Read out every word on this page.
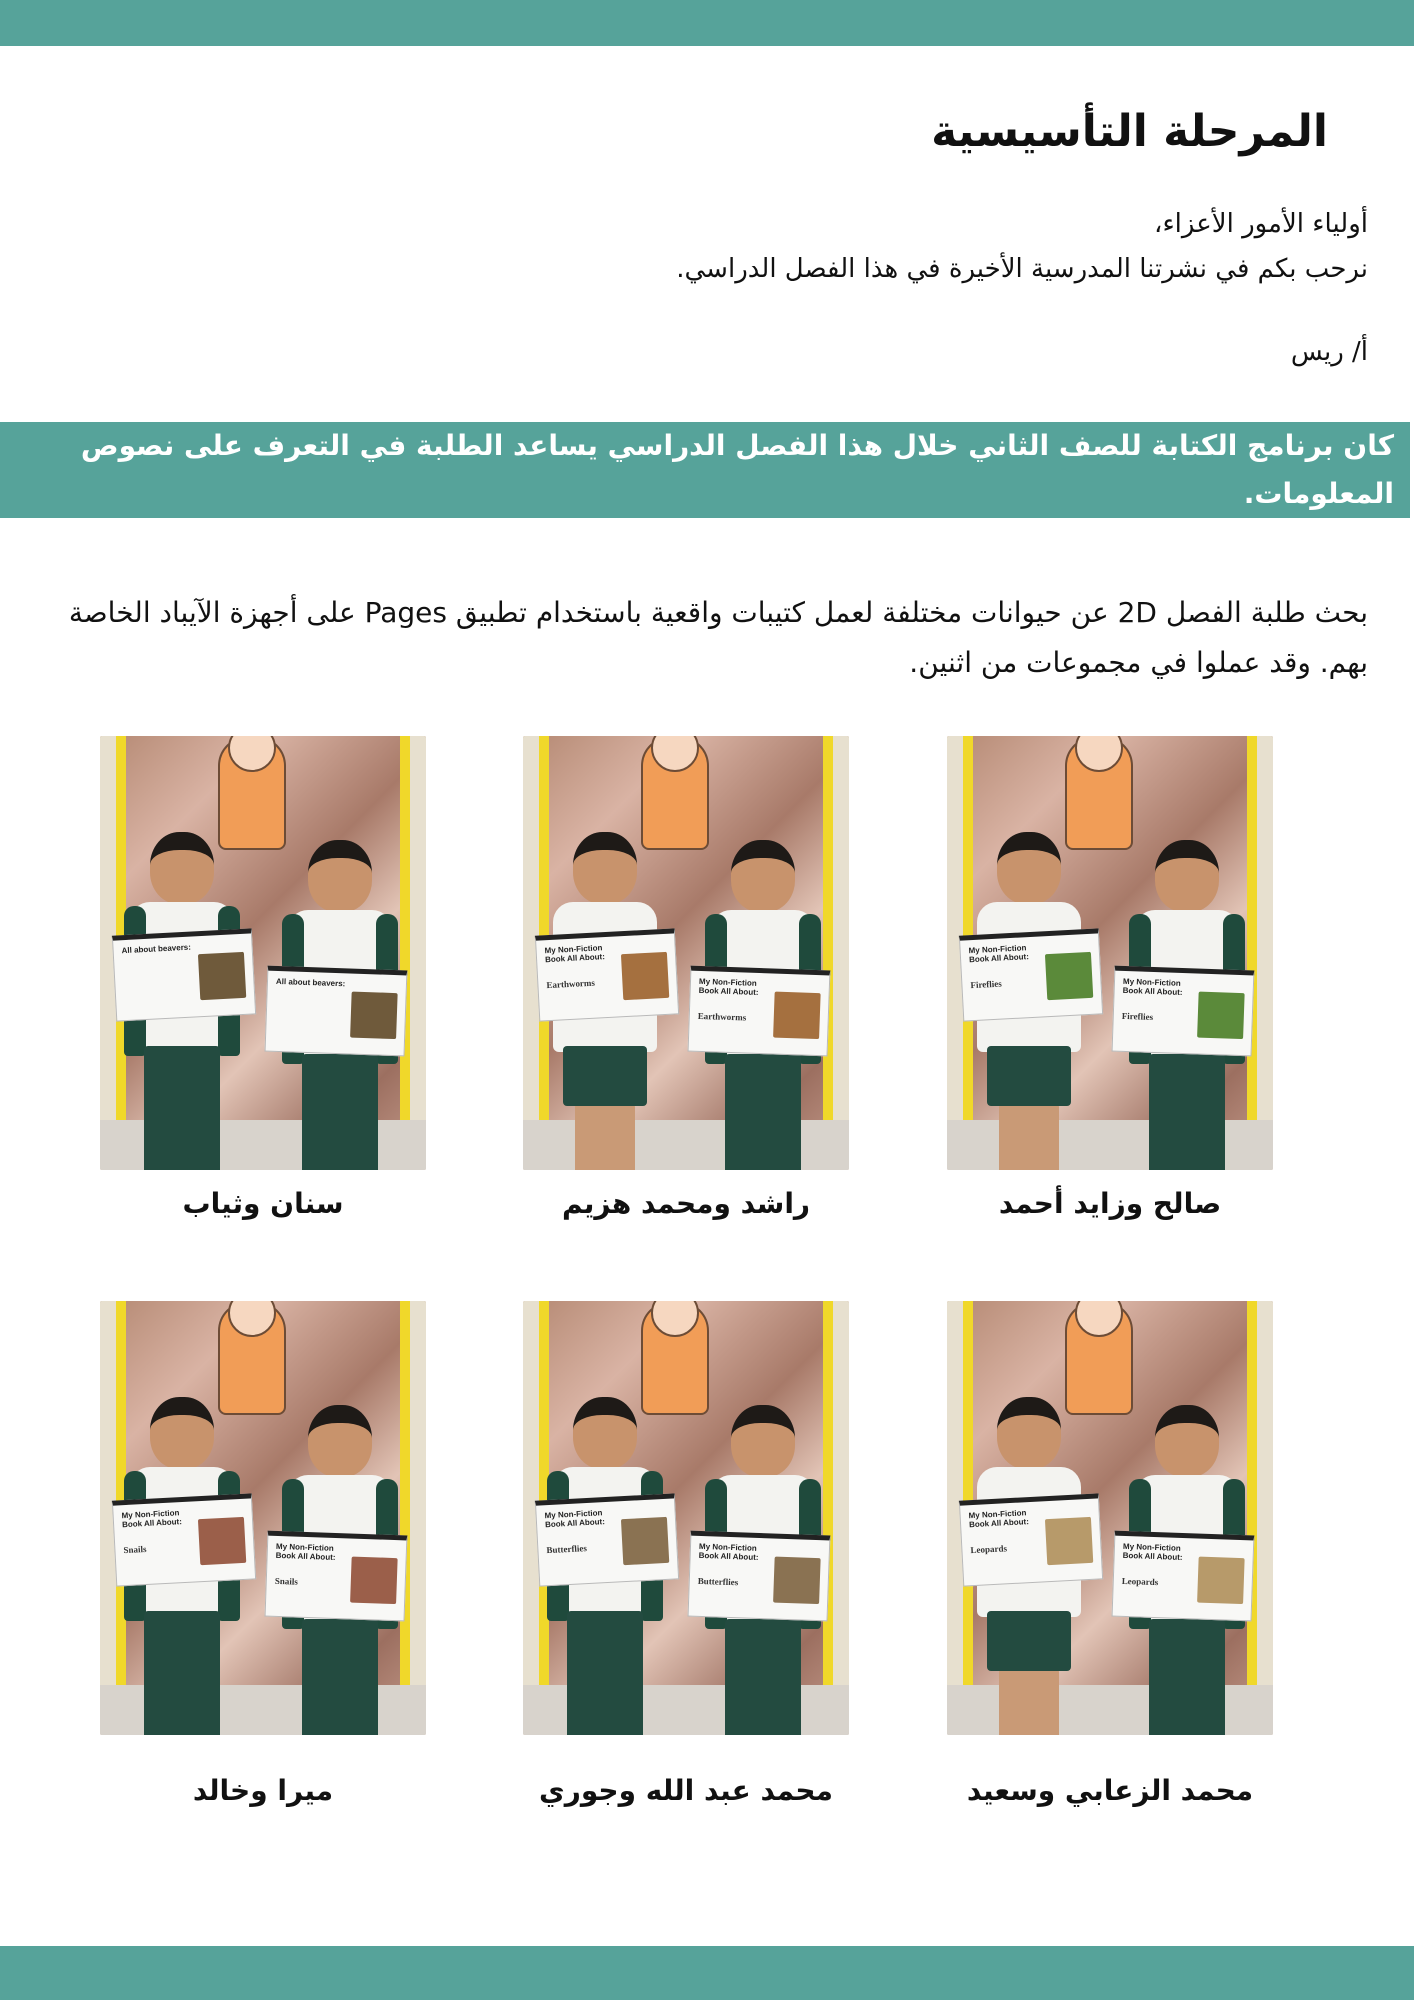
المرحلة التأسيسية
أولياء الأمور الأعزاء،
نرحب بكم في نشرتنا المدرسية الأخيرة في هذا الفصل الدراسي.
أ/ ريس
كان برنامج الكتابة للصف الثاني خلال هذا الفصل الدراسي يساعد الطلبة في التعرف على نصوص المعلومات.
بحث طلبة الفصل 2D عن حيوانات مختلفة لعمل كتيبات واقعية باستخدام تطبيق Pages على أجهزة الآيباد الخاصة بهم. وقد عملوا في مجموعات من اثنين.
My Non-Fiction Book All About:
Fireflies	My Non-Fiction Book All About:
Fireflies
صالح وزايد أحمد
My Non-Fiction Book All About:
Earthworms	My Non-Fiction Book All About:
Earthworms
راشد ومحمد هزيم
All about beavers:
All about beavers:
سنان وثياب
My Non-Fiction Book All About:
Leopards	My Non-Fiction Book All About:
Leopards
محمد الزعابي وسعيد
My Non-Fiction Book All About:
Butterflies	My Non-Fiction Book All About:
Butterflies
محمد عبد الله وجوري
My Non-Fiction Book All About:
Snails	My Non-Fiction Book All About:
Snails
ميرا وخالد
